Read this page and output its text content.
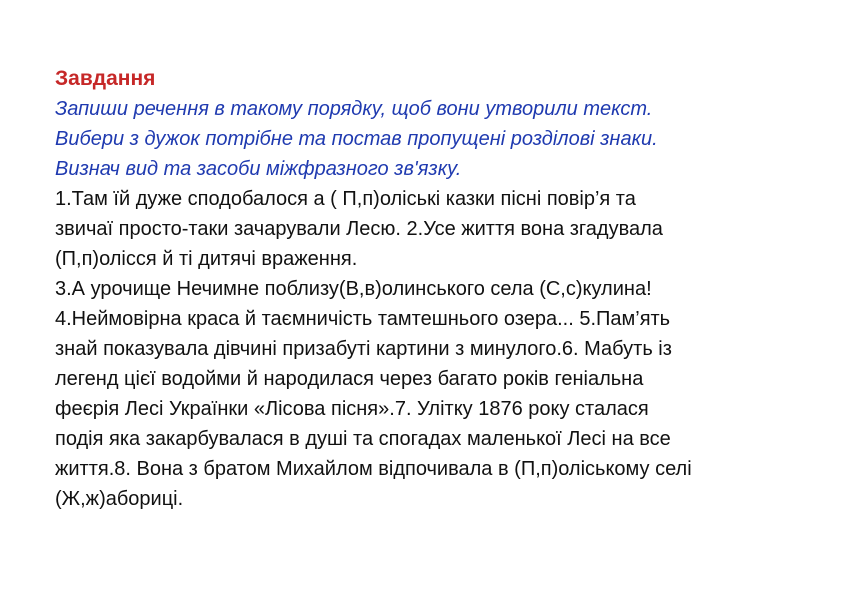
Завдання
Запиши речення в такому порядку, щоб вони утворили текст.
Вибери з дужок потрібне та постав пропущені розділові знаки.
Визнач вид та засоби міжфразного зв'язку.
1.Там їй дуже сподобалося а ( П,п)оліські казки пісні повір’я та
звичаї просто-таки зачарували Лесю. 2.Усе життя вона згадувала
(П,п)олісся й ті дитячі враження.
3.А урочище Нечимне поблизу(В,в)олинського села (С,с)кулина!
4.Неймовірна краса й таємничість тамтешнього озера... 5.Пам’ять
знай показувала дівчині призабуті картини з минулого.6. Мабуть із
легенд цієї водойми й народилася через багато років геніальна
феєрія Лесі Українки «Лісова пісня».7. Улітку 1876 року сталася
подія яка закарбувалася в душі та спогадах маленької Лесі на все
життя.8. Вона з братом Михайлом відпочивала в (П,п)оліському селі
(Ж,ж)аборицi.
